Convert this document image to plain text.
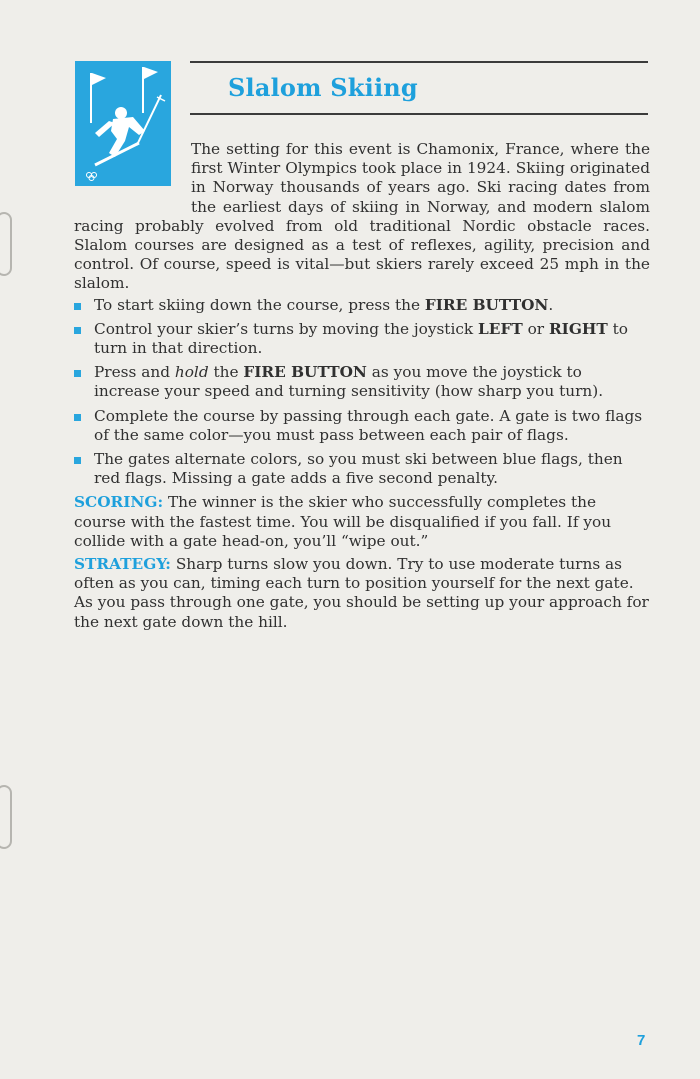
Slalom Skiing

The setting for this event is Chamonix, France, where the first Winter Olympics took place in 1924. Skiing originated in Norway thousands of years ago. Ski racing dates from the earliest days of skiing in Norway, and modern slalom racing probably evolved from old traditional Nordic obstacle races. Slalom courses are designed as a test of reflexes, agility, precision and control. Of course, speed is vital—but skiers rarely exceed 25 mph in the slalom.

To start skiing down the course, press the FIRE BUTTON.
Control your skier’s turns by moving the joystick LEFT or RIGHT to turn in that direction.
Press and hold the FIRE BUTTON as you move the joystick to increase your speed and turning sensitivity (how sharp you turn).
Complete the course by passing through each gate. A gate is two flags of the same color—you must pass between each pair of flags.
The gates alternate colors, so you must ski between blue flags, then red flags. Missing a gate adds a five second penalty.

SCORING: The winner is the skier who successfully completes the course with the fastest time. You will be disqualified if you fall. If you collide with a gate head-on, you’ll “wipe out.”

STRATEGY: Sharp turns slow you down. Try to use moderate turns as often as you can, timing each turn to position yourself for the next gate. As you pass through one gate, you should be setting up your approach for the next gate down the hill.

7
